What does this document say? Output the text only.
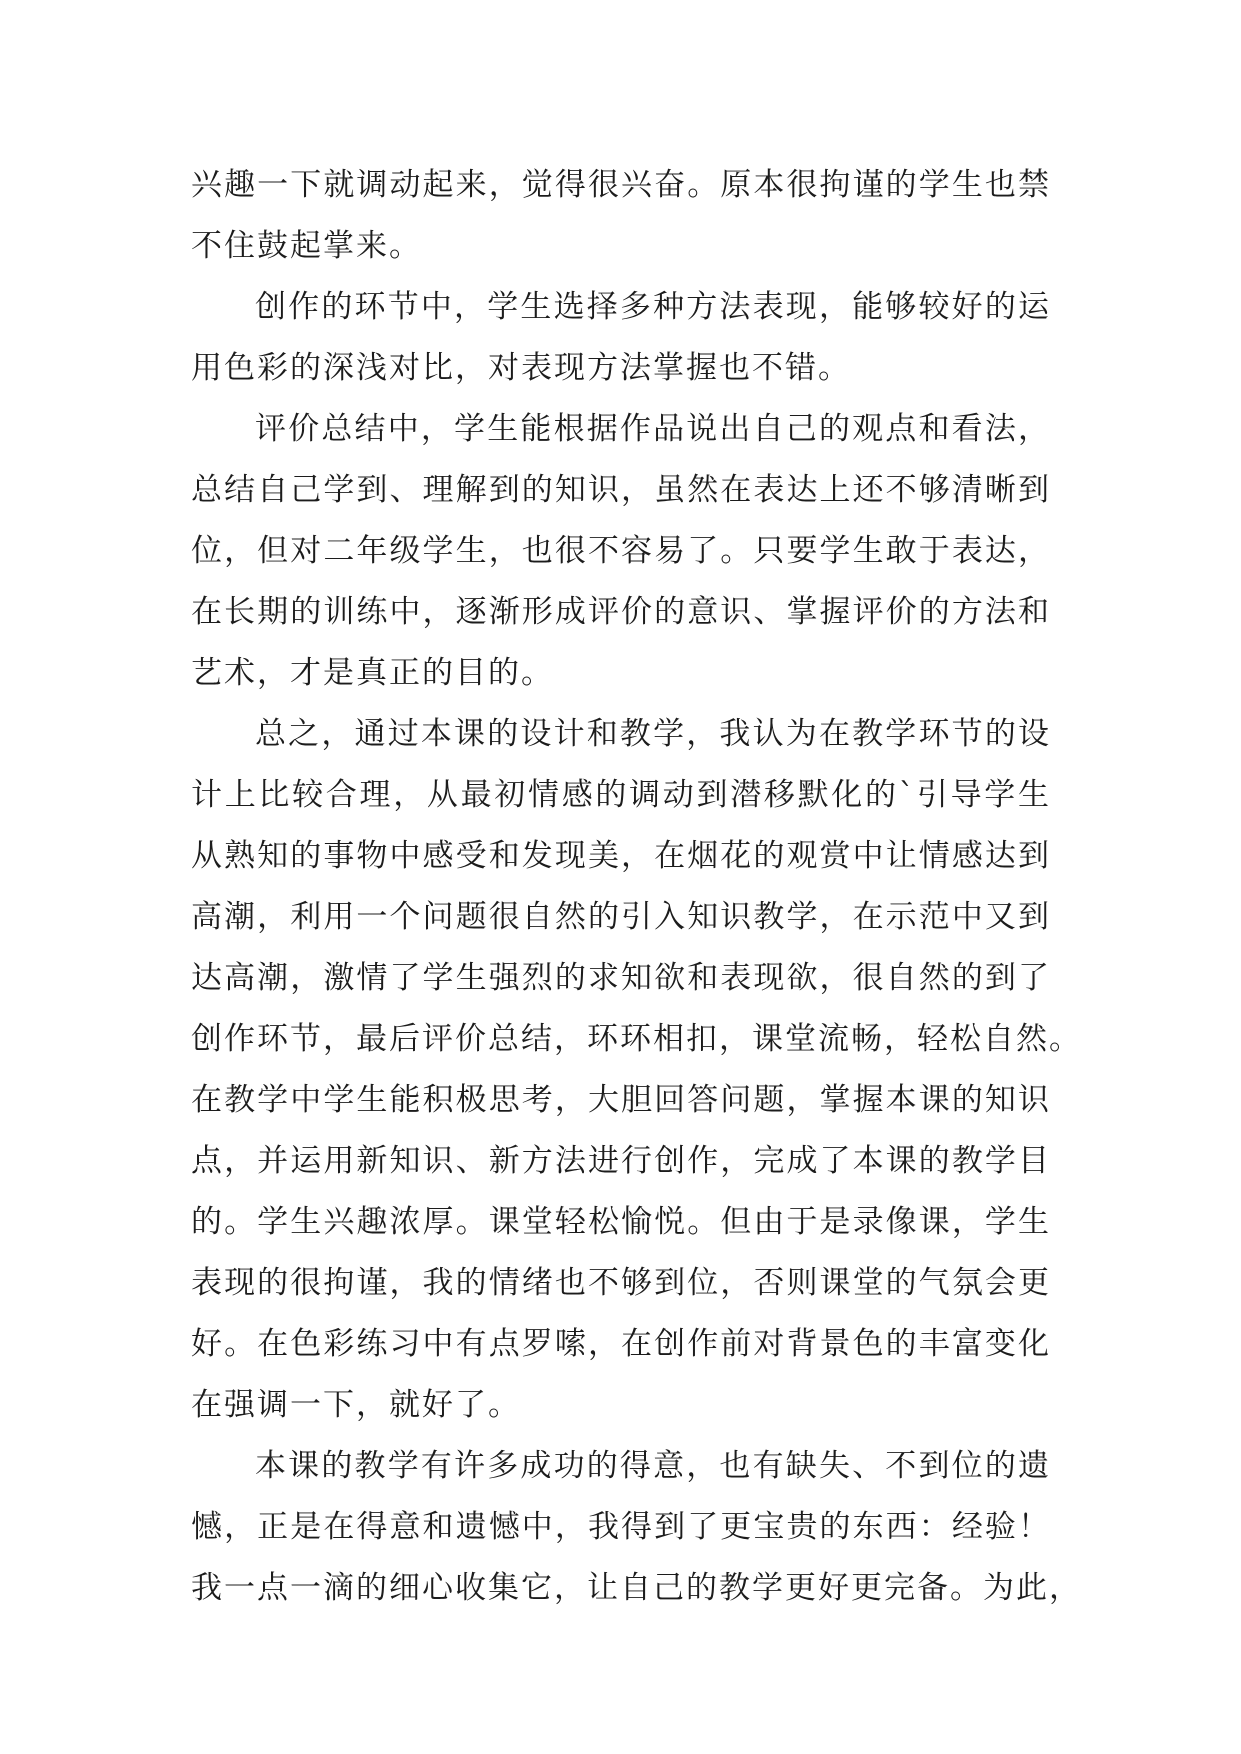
兴趣一下就调动起来，觉得很兴奋。原本很拘谨的学生也禁
不住鼓起掌来。
创作的环节中，学生选择多种方法表现，能够较好的运
用色彩的深浅对比，对表现方法掌握也不错。
评价总结中，学生能根据作品说出自己的观点和看法，
总结自己学到、理解到的知识，虽然在表达上还不够清晰到
位，但对二年级学生，也很不容易了。只要学生敢于表达，
在长期的训练中，逐渐形成评价的意识、掌握评价的方法和
艺术，才是真正的目的。
总之，通过本课的设计和教学，我认为在教学环节的设
计上比较合理，从最初情感的调动到潜移默化的`引导学生
从熟知的事物中感受和发现美，在烟花的观赏中让情感达到
高潮，利用一个问题很自然的引入知识教学，在示范中又到
达高潮，激情了学生强烈的求知欲和表现欲，很自然的到了
创作环节，最后评价总结，环环相扣，课堂流畅，轻松自然。
在教学中学生能积极思考，大胆回答问题，掌握本课的知识
点，并运用新知识、新方法进行创作，完成了本课的教学目
的。学生兴趣浓厚。课堂轻松愉悦。但由于是录像课，学生
表现的很拘谨，我的情绪也不够到位，否则课堂的气氛会更
好。在色彩练习中有点罗嗦，在创作前对背景色的丰富变化
在强调一下，就好了。
本课的教学有许多成功的得意，也有缺失、不到位的遗
憾，正是在得意和遗憾中，我得到了更宝贵的东西：经验！
我一点一滴的细心收集它，让自己的教学更好更完备。为此，
